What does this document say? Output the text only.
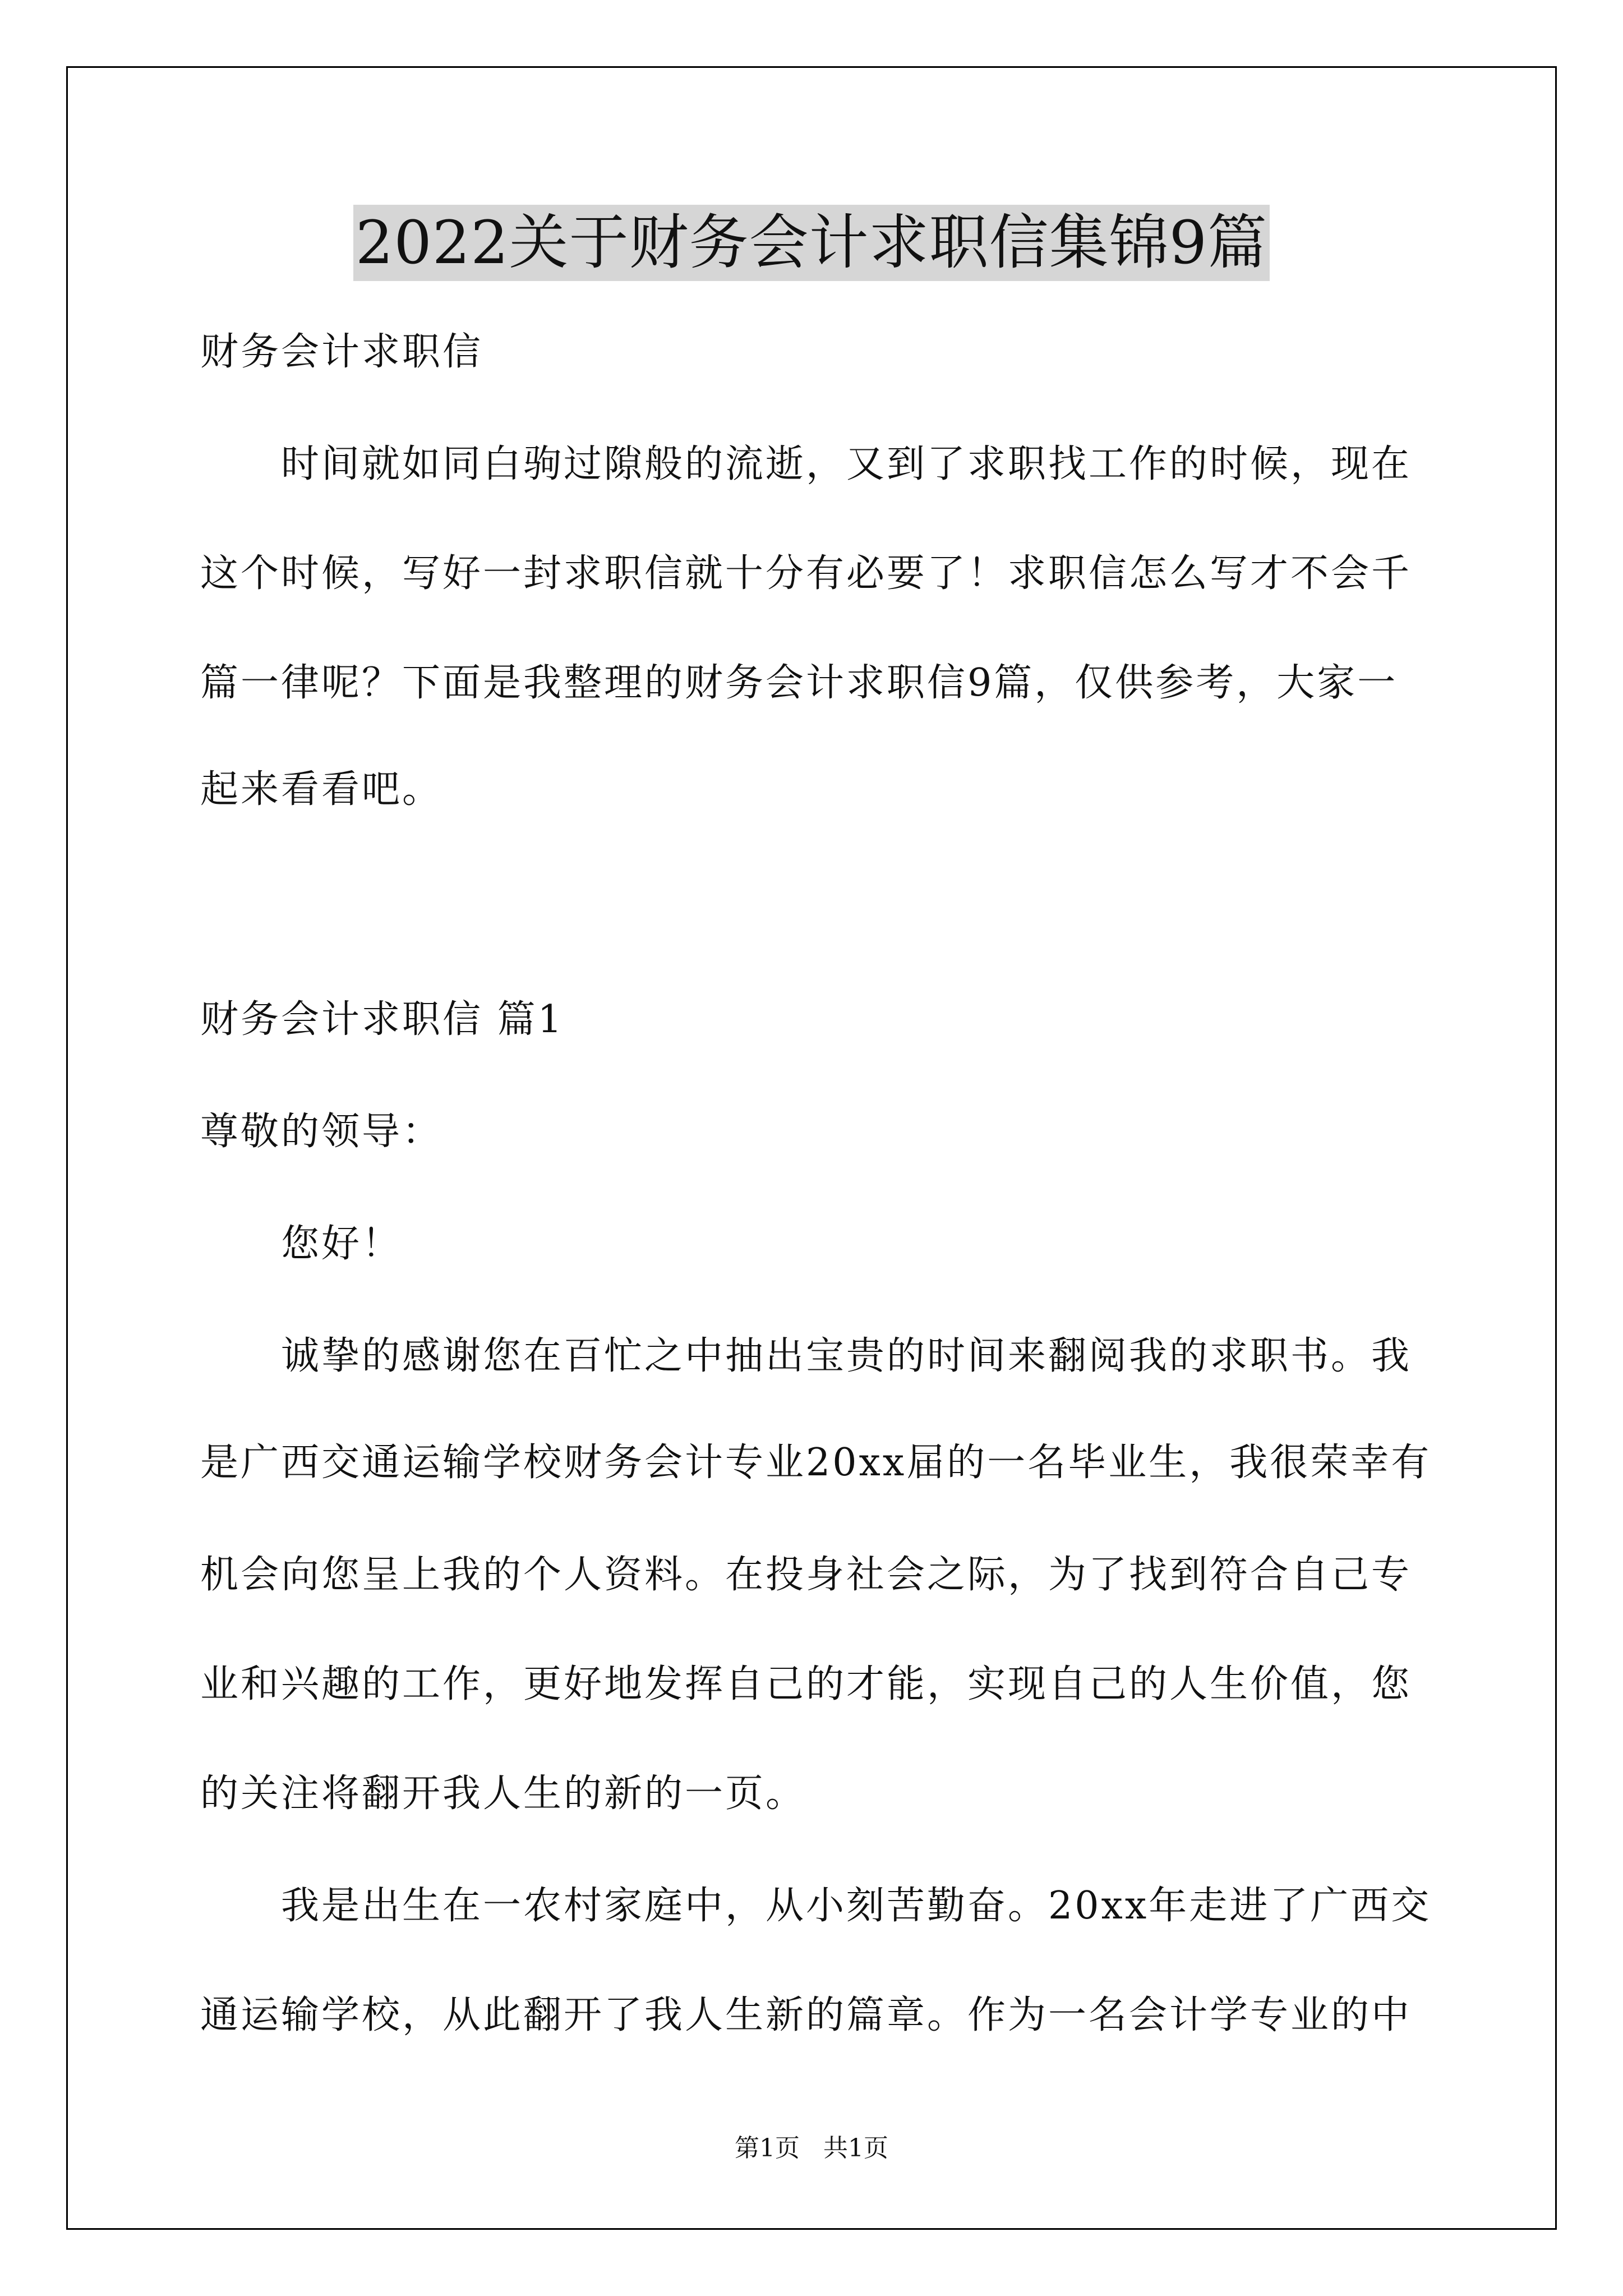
2022关于财务会计求职信集锦9篇
财务会计求职信
时间就如同白驹过隙般的流逝，又到了求职找工作的时候，现在
这个时候，写好一封求职信就十分有必要了！求职信怎么写才不会千
篇一律呢？下面是我整理的财务会计求职信9篇，仅供参考，大家一
起来看看吧。
财务会计求职信 篇1
尊敬的领导：
您好！
诚挚的感谢您在百忙之中抽出宝贵的时间来翻阅我的求职书。我
是广西交通运输学校财务会计专业20xx届的一名毕业生，我很荣幸有
机会向您呈上我的个人资料。在投身社会之际，为了找到符合自己专
业和兴趣的工作，更好地发挥自己的才能，实现自己的人生价值，您
的关注将翻开我人生的新的一页。
我是出生在一农村家庭中，从小刻苦勤奋。20xx年走进了广西交
通运输学校，从此翻开了我人生新的篇章。作为一名会计学专业的中
第1页   共1页
